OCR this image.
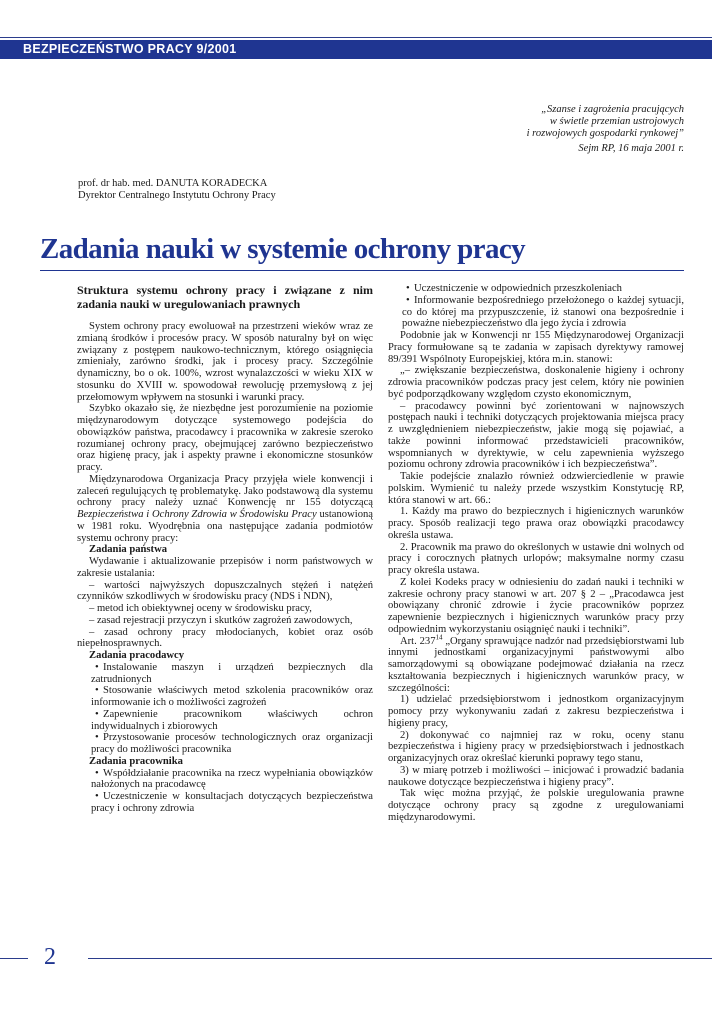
BEZPIECZEŃSTWO PRACY 9/2001
„Szanse i zagrożenia pracujących
w świetle przemian ustrojowych
i rozwojowych gospodarki rynkowej”
Sejm RP, 16 maja 2001 r.
prof. dr hab. med. DANUTA KORADECKA
Dyrektor Centralnego Instytutu Ochrony Pracy
Zadania nauki w systemie ochrony pracy
Struktura systemu ochrony pracy i związane z nim zadania nauki w uregulowaniach prawnych

System ochrony pracy ewoluował na przestrzeni wieków wraz ze zmianą środków i procesów pracy. W sposób naturalny był on więc związany z postępem naukowo-technicznym, którego osiągnięcia zmieniały, zarówno środki, jak i procesy pracy. Szczególnie dynamiczny, bo o ok. 100%, wzrost wynalazczości w wieku XIX w stosunku do XVIII w. spowodował rewolucję przemysłową z jej przełomowym wpływem na stosunki i warunki pracy.

Szybko okazało się, że niezbędne jest porozumienie na poziomie międzynarodowym dotyczące systemowego podejścia do obowiązków państwa, pracodawcy i pracownika w zakresie szeroko rozumianej ochrony pracy, obejmującej zarówno bezpieczeństwo oraz higienę pracy, jak i aspekty prawne i ekonomiczne stosunków pracy.

Międzynarodowa Organizacja Pracy przyjęła wiele konwencji i zaleceń regulujących tę problematykę. Jako podstawową dla systemu ochrony pracy należy uznać Konwencję nr 155 dotyczącą Bezpieczeństwa i Ochrony Zdrowia w Środowisku Pracy ustanowioną w 1981 roku. Wyodrębnia ona następujące zadania podmiotów systemu ochrony pracy:

Zadania państwa

Wydawanie i aktualizowanie przepisów i norm państwowych w zakresie ustalania:

– wartości najwyższych dopuszczalnych stężeń i natężeń czynników szkodliwych w środowisku pracy (NDS i NDN),

– metod ich obiektywnej oceny w środowisku pracy,

– zasad rejestracji przyczyn i skutków zagrożeń zawodowych,

– zasad ochrony pracy młodocianych, kobiet oraz osób niepełnosprawnych.

Zadania pracodawcy

• Instalowanie maszyn i urządzeń bezpiecznych dla zatrudnionych

• Stosowanie właściwych metod szkolenia pracowników oraz informowanie ich o możliwości zagrożeń

• Zapewnienie pracownikom właściwych ochron indywidualnych i zbiorowych

• Przystosowanie procesów technologicznych oraz organizacji pracy do możliwości pracownika

Zadania pracownika

• Współdziałanie pracownika na rzecz wypełniania obowiązków nałożonych na pracodawcę

• Uczestniczenie w konsultacjach dotyczących bezpieczeństwa pracy i ochrony zdrowia

• Uczestniczenie w odpowiednich przeszkoleniach

• Informowanie bezpośredniego przełożonego o każdej sytuacji, co do której ma przypuszczenie, iż stanowi ona bezpośrednie i poważne niebezpieczeństwo dla jego życia i zdrowia

Podobnie jak w Konwencji nr 155 Międzynarodowej Organizacji Pracy formułowane są te zadania w zapisach dyrektywy ramowej 89/391 Wspólnoty Europejskiej, która m.in. stanowi:

„– zwiększanie bezpieczeństwa, doskonalenie higieny i ochrony zdrowia pracowników podczas pracy jest celem, który nie powinien być podporządkowany względom czysto ekonomicznym,

– pracodawcy powinni być zorientowani w najnowszych postępach nauki i techniki dotyczących projektowania miejsca pracy z uwzględnieniem niebezpieczeństw, jakie mogą się pojawiać, a także powinni informować przedstawicieli pracowników, wspomnianych w dyrektywie, w celu zapewnienia wyższego poziomu ochrony zdrowia pracowników i ich bezpieczeństwa”.

Takie podejście znalazło również odzwierciedlenie w prawie polskim. Wymienić tu należy przede wszystkim Konstytucję RP, która stanowi w art. 66.:

1. Każdy ma prawo do bezpiecznych i higienicznych warunków pracy. Sposób realizacji tego prawa oraz obowiązki pracodawcy określa ustawa.

2. Pracownik ma prawo do określonych w ustawie dni wolnych od pracy i corocznych płatnych urlopów; maksymalne normy czasu pracy określa ustawa.

Z kolei Kodeks pracy w odniesieniu do zadań nauki i techniki w zakresie ochrony pracy stanowi w art. 207 § 2 – „Pracodawca jest obowiązany chronić zdrowie i życie pracowników poprzez zapewnienie bezpiecznych i higienicznych warunków pracy przy odpowiednim wykorzystaniu osiągnięć nauki i techniki”.

Art. $237^{14}$ „Organy sprawujące nadzór nad przedsiębiorstwami lub innymi jednostkami organizacyjnymi państwowymi albo samorządowymi są obowiązane podejmować działania na rzecz kształtowania bezpiecznych i higienicznych warunków pracy, w szczególności:

1) udzielać przedsiębiorstwom i jednostkom organizacyjnym pomocy przy wykonywaniu zadań z zakresu bezpieczeństwa i higieny pracy,

2) dokonywać co najmniej raz w roku, oceny stanu bezpieczeństwa i higieny pracy w przedsiębiorstwach i jednostkach organizacyjnych oraz określać kierunki poprawy tego stanu,

3) w miarę potrzeb i możliwości – inicjować i prowadzić badania naukowe dotyczące bezpieczeństwa i higieny pracy”.

Tak więc można przyjąć, że polskie uregulowania prawne dotyczące ochrony pracy są zgodne z uregulowaniami międzynarodowymi.

2
